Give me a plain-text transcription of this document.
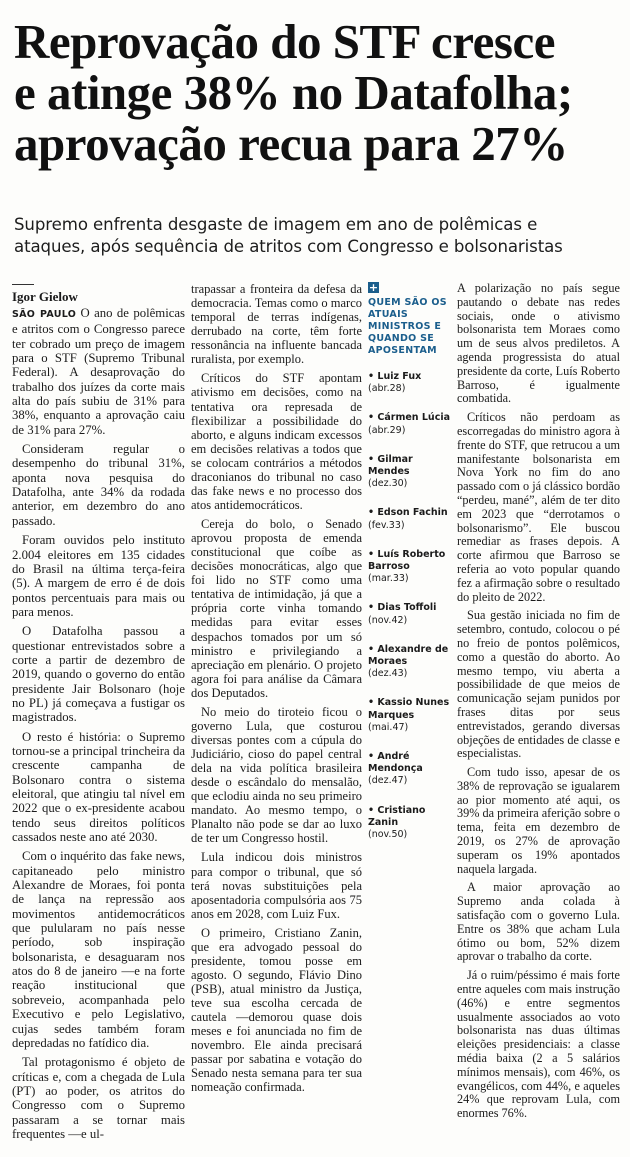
Reprovação do STF cresce
e atinge 38% no Datafolha;
aprovação recua para 27%
Supremo enfrenta desgaste de imagem em ano de polêmicas e
ataques, após sequência de atritos com Congresso e bolsonaristas
Igor Gielow

SÃO PAULO O ano de polêmicas e atritos com o Congresso parece ter cobrado um preço de imagem para o STF (Supremo Tribunal Federal). A desaprovação do trabalho dos juízes da corte mais alta do país subiu de 31% para 38%, enquanto a aprovação caiu de 31% para 27%.

Consideram regular o desempenho do tribunal 31%, aponta nova pesquisa do Datafolha, ante 34% da rodada anterior, em dezembro do ano passado.

Foram ouvidos pelo instituto 2.004 eleitores em 135 cidades do Brasil na última terça-feira (5). A margem de erro é de dois pontos percentuais para mais ou para menos.

O Datafolha passou a questionar entrevistados sobre a corte a partir de dezembro de 2019, quando o governo do então presidente Jair Bolsonaro (hoje no PL) já começava a fustigar os magistrados.

O resto é história: o Supremo tornou-se a principal trincheira da crescente campanha de Bolsonaro contra o sistema eleitoral, que atingiu tal nível em 2022 que o ex-presidente acabou tendo seus direitos políticos cassados neste ano até 2030.

Com o inquérito das fake news, capitaneado pelo ministro Alexandre de Moraes, foi ponta de lança na repressão aos movimentos antidemocráticos que pulularam no país nesse período, sob inspiração bolsonarista, e desaguaram nos atos do 8 de janeiro —e na forte reação institucional que sobreveio, acompanhada pelo Executivo e pelo Legislativo, cujas sedes também foram depredadas no fatídico dia.

Tal protagonismo é objeto de críticas e, com a chegada de Lula (PT) ao poder, os atritos do Congresso com o Supremo passaram a se tornar mais frequentes —e ul-

trapassar a fronteira da defesa da democracia. Temas como o marco temporal de terras indígenas, derrubado na corte, têm forte ressonância na influente bancada ruralista, por exemplo.

Críticos do STF apontam ativismo em decisões, como na tentativa ora represada de flexibilizar a possibilidade do aborto, e alguns indicam excessos em decisões relativas a todos que se colocam contrários a métodos draconianos do tribunal no caso das fake news e no processo dos atos antidemocráticos.

Cereja do bolo, o Senado aprovou proposta de emenda constitucional que coíbe as decisões monocráticas, algo que foi lido no STF como uma tentativa de intimidação, já que a própria corte vinha tomando medidas para evitar esses despachos tomados por um só ministro e privilegiando a apreciação em plenário. O projeto agora foi para análise da Câmara dos Deputados.

No meio do tiroteio ficou o governo Lula, que costurou diversas pontes com a cúpula do Judiciário, cioso do papel central dela na vida política brasileira desde o escândalo do mensalão, que eclodiu ainda no seu primeiro mandato. Ao mesmo tempo, o Planalto não pode se dar ao luxo de ter um Congresso hostil.

Lula indicou dois ministros para compor o tribunal, que só terá novas substituições pela aposentadoria compulsória aos 75 anos em 2028, com Luiz Fux.

O primeiro, Cristiano Zanin, que era advogado pessoal do presidente, tomou posse em agosto. O segundo, Flávio Dino (PSB), atual ministro da Justiça, teve sua escolha cercada de cautela —demorou quase dois meses e foi anunciada no fim de novembro. Ele ainda precisará passar por sabatina e votação do Senado nesta semana para ter sua nomeação confirmada.

+
QUEM SÃO OS ATUAIS MINISTROS E QUANDO SE APOSENTAM
• Luiz Fux
(abr.28)
• Cármen Lúcia
(abr.29)
• Gilmar Mendes
(dez.30)
• Edson Fachin
(fev.33)
• Luís Roberto Barroso
(mar.33)
• Dias Toffoli
(nov.42)
• Alexandre de Moraes
(dez.43)
• Kassio Nunes Marques
(mai.47)
• André Mendonça
(dez.47)
• Cristiano Zanin
(nov.50)

A polarização no país segue pautando o debate nas redes sociais, onde o ativismo bolsonarista tem Moraes como um de seus alvos prediletos. A agenda progressista do atual presidente da corte, Luís Roberto Barroso, é igualmente combatida.

Críticos não perdoam as escorregadas do ministro agora à frente do STF, que retrucou a um manifestante bolsonarista em Nova York no fim do ano passado com o já clássico bordão “perdeu, mané”, além de ter dito em 2023 que “derrotamos o bolsonarismo”. Ele buscou remediar as frases depois. A corte afirmou que Barroso se referia ao voto popular quando fez a afirmação sobre o resultado do pleito de 2022.

Sua gestão iniciada no fim de setembro, contudo, colocou o pé no freio de pontos polêmicos, como a questão do aborto. Ao mesmo tempo, viu aberta a possibilidade de que meios de comunicação sejam punidos por frases ditas por seus entrevistados, gerando diversas objeções de entidades de classe e especialistas.

Com tudo isso, apesar de os 38% de reprovação se igualarem ao pior momento até aqui, os 39% da primeira aferição sobre o tema, feita em dezembro de 2019, os 27% de aprovação superam os 19% apontados naquela largada.

A maior aprovação ao Supremo anda colada à satisfação com o governo Lula. Entre os 38% que acham Lula ótimo ou bom, 52% dizem aprovar o trabalho da corte.

Já o ruim/péssimo é mais forte entre aqueles com mais instrução (46%) e entre segmentos usualmente associados ao voto bolsonarista nas duas últimas eleições presidenciais: a classe média baixa (2 a 5 salários mínimos mensais), com 46%, os evangélicos, com 44%, e aqueles 24% que reprovam Lula, com enormes 76%.
